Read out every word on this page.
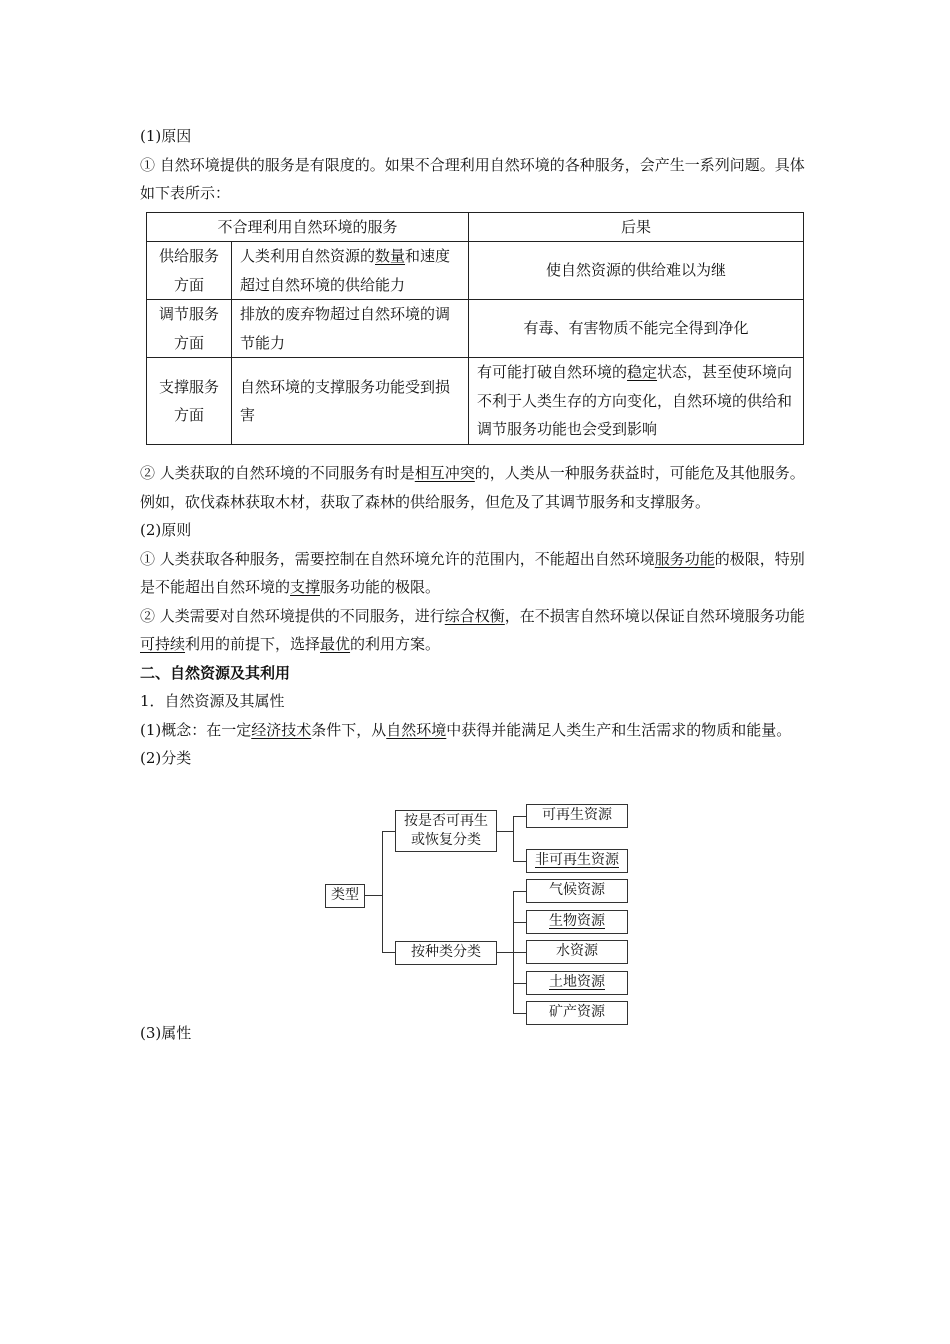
(1)原因

① 自然环境提供的服务是有限度的。如果不合理利用自然环境的各种服务，会产生一系列问题。具体如下表所示：

不合理利用自然环境的服务		后果
供给服务方面	人类利用自然资源的数量和速度超过自然环境的供给能力	使自然资源的供给难以为继
调节服务方面	排放的废弃物超过自然环境的调节能力	有毒、有害物质不能完全得到净化
支撑服务方面	自然环境的支撑服务功能受到损害	有可能打破自然环境的稳定状态，甚至使环境向不利于人类生存的方向变化，自然环境的供给和调节服务功能也会受到影响

② 人类获取的自然环境的不同服务有时是相互冲突的，人类从一种服务获益时，可能危及其他服务。例如，砍伐森林获取木材，获取了森林的供给服务，但危及了其调节服务和支撑服务。

(2)原则

① 人类获取各种服务，需要控制在自然环境允许的范围内，不能超出自然环境服务功能的极限，特别是不能超出自然环境的支撑服务功能的极限。

② 人类需要对自然环境提供的不同服务，进行综合权衡，在不损害自然环境以保证自然环境服务功能可持续利用的前提下，选择最优的利用方案。

二、自然资源及其利用

1．自然资源及其属性

(1)概念：在一定经济技术条件下，从自然环境中获得并能满足人类生产和生活需求的物质和能量。

(2)分类

类型
按是否可再生
或恢复分类
按种类分类
可再生资源
非可再生资源
气候资源
生物资源
水资源
土地资源
矿产资源

(3)属性
